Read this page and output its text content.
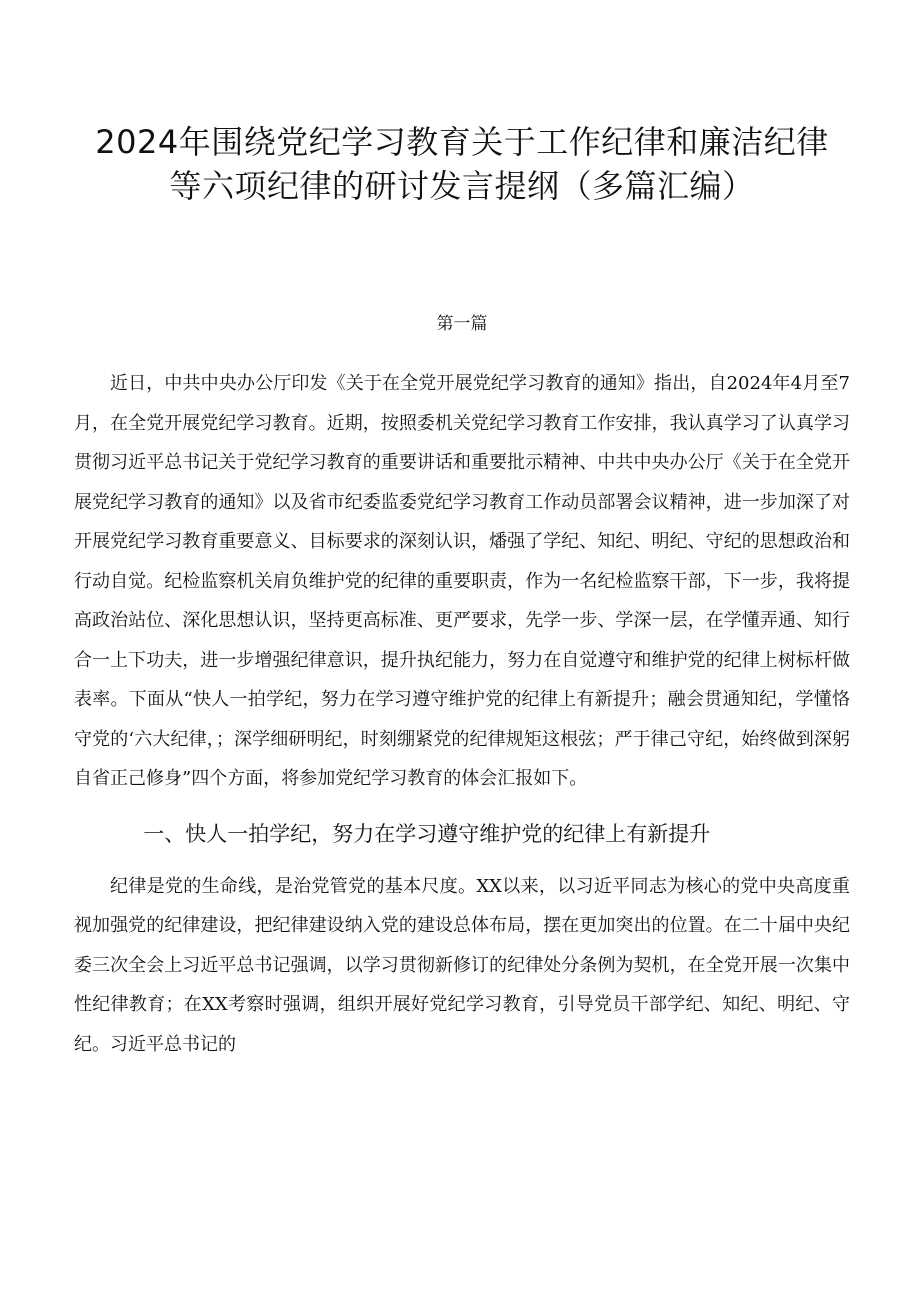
2024年围绕党纪学习教育关于工作纪律和廉洁纪律
等六项纪律的研讨发言提纲（多篇汇编）

第一篇

近日，中共中央办公厅印发《关于在全党开展党纪学习教育的通知》指出，自2024年4月至7月，在全党开展党纪学习教育。近期，按照委机关党纪学习教育工作安排，我认真学习了认真学习贯彻习近平总书记关于党纪学习教育的重要讲话和重要批示精神、中共中央办公厅《关于在全党开展党纪学习教育的通知》以及省市纪委监委党纪学习教育工作动员部署会议精神，进一步加深了对开展党纪学习教育重要意义、目标要求的深刻认识，燔强了学纪、知纪、明纪、守纪的思想政治和行动自觉。纪检监察机关肩负维护党的纪律的重要职责，作为一名纪检监察干部，下一步，我将提高政治站位、深化思想认识，坚持更高标准、更严要求，先学一步、学深一层，在学懂弄通、知行合一上下功夫，进一步增强纪律意识，提升执纪能力，努力在自觉遵守和维护党的纪律上树标杆做表率。下面从“快人一拍学纪，努力在学习遵守维护党的纪律上有新提升；融会贯通知纪，学懂恪守党的‘六大纪律，；深学细研明纪，时刻绷紧党的纪律规矩这根弦；严于律己守纪，始终做到深躬自省正己修身”四个方面，将参加党纪学习教育的体会汇报如下。

一、快人一拍学纪，努力在学习遵守维护党的纪律上有新提升

纪律是党的生命线，是治党管党的基本尺度。XX以来，以习近平同志为核心的党中央高度重视加强党的纪律建设，把纪律建设纳入党的建设总体布局，摆在更加突出的位置。在二十届中央纪委三次全会上习近平总书记强调，以学习贯彻新修订的纪律处分条例为契机，在全党开展一次集中性纪律教育；在XX考察时强调，组织开展好党纪学习教育，引导党员干部学纪、知纪、明纪、守纪。习近平总书记的
